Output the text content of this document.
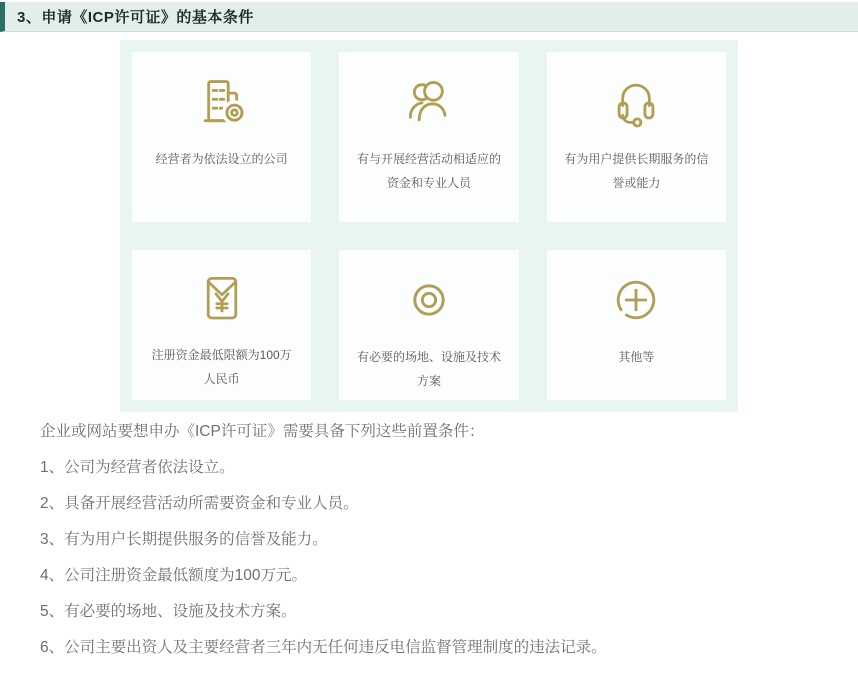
3、申请《ICP许可证》的基本条件
经营者为依法设立的公司	有与开展经营活动相适应的资金和专业人员
有为用户提供长期服务的信誉或能力
注册资金最低限额为100万人民币
有必要的场地、设施及技术方案
其他等

企业或网站要想申办《ICP许可证》需要具备下列这些前置条件：

1、公司为经营者依法设立。

2、具备开展经营活动所需要资金和专业人员。

3、有为用户长期提供服务的信誉及能力。

4、公司注册资金最低额度为100万元。

5、有必要的场地、设施及技术方案。

6、公司主要出资人及主要经营者三年内无任何违反电信监督管理制度的违法记录。
